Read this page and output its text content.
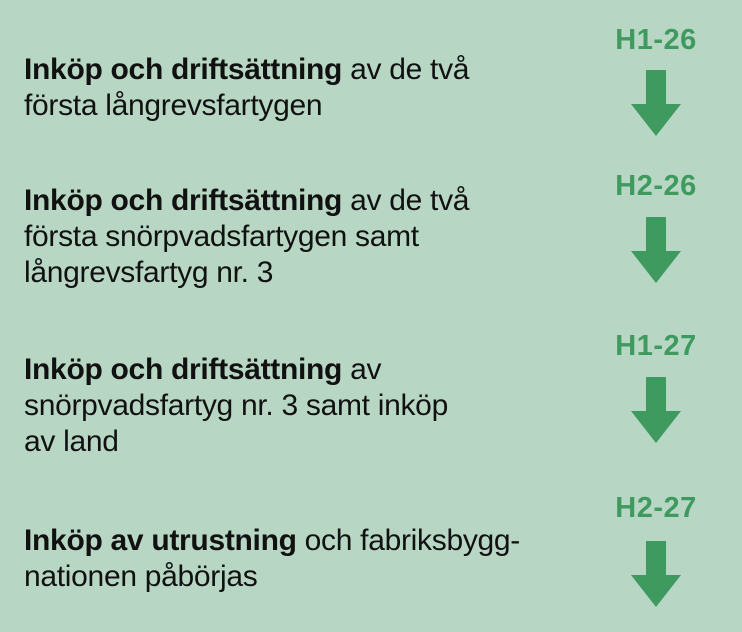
Inköp och driftsättning av de två
första långrevsfartygen
H1-26
Inköp och driftsättning av de två
första snörpvadsfartygen samt
långrevsfartyg nr. 3
H2-26
Inköp och driftsättning av
snörpvadsfartyg nr. 3 samt inköp
av land
H1-27
Inköp av utrustning och fabriksbygg-
nationen påbörjas
H2-27
